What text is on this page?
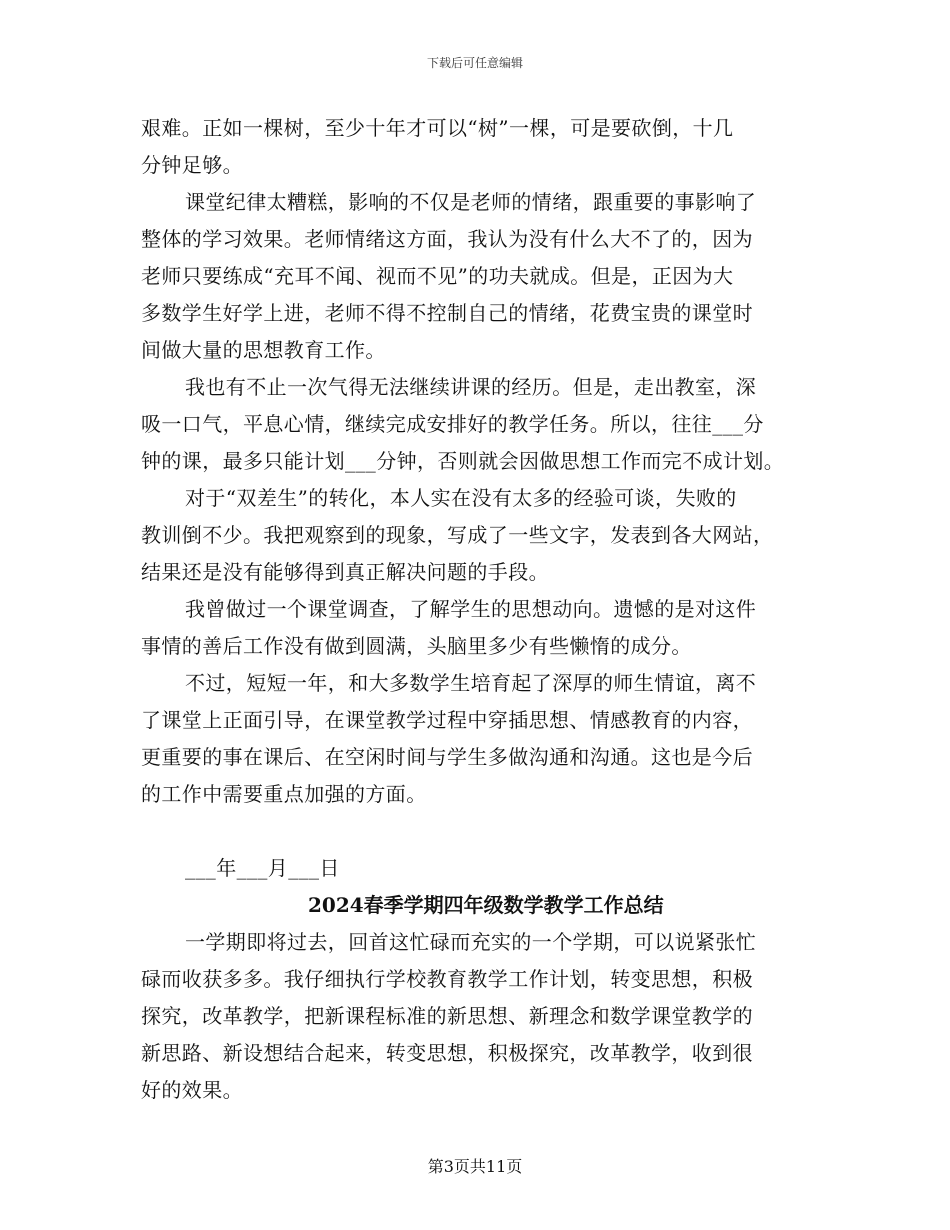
下载后可任意编辑
艰难。正如一棵树，至少十年才可以“树”一棵，可是要砍倒，十几
分钟足够。
课堂纪律太糟糕，影响的不仅是老师的情绪，跟重要的事影响了
整体的学习效果。老师情绪这方面，我认为没有什么大不了的，因为
老师只要练成“充耳不闻、视而不见”的功夫就成。但是，正因为大
多数学生好学上进，老师不得不控制自己的情绪，花费宝贵的课堂时
间做大量的思想教育工作。
我也有不止一次气得无法继续讲课的经历。但是，走出教室，深
吸一口气，平息心情，继续完成安排好的教学任务。所以，往往___分
钟的课，最多只能计划___分钟，否则就会因做思想工作而完不成计划。
对于“双差生”的转化，本人实在没有太多的经验可谈，失败的
教训倒不少。我把观察到的现象，写成了一些文字，发表到各大网站，
结果还是没有能够得到真正解决问题的手段。
我曾做过一个课堂调查，了解学生的思想动向。遗憾的是对这件
事情的善后工作没有做到圆满，头脑里多少有些懒惰的成分。
不过，短短一年，和大多数学生培育起了深厚的师生情谊，离不
了课堂上正面引导，在课堂教学过程中穿插思想、情感教育的内容，
更重要的事在课后、在空闲时间与学生多做沟通和沟通。这也是今后
的工作中需要重点加强的方面。
___年___月___日
2024春季学期四年级数学教学工作总结
一学期即将过去，回首这忙碌而充实的一个学期，可以说紧张忙
碌而收获多多。我仔细执行学校教育教学工作计划，转变思想，积极
探究，改革教学，把新课程标准的新思想、新理念和数学课堂教学的
新思路、新设想结合起来，转变思想，积极探究，改革教学，收到很
好的效果。
第3页共11页
